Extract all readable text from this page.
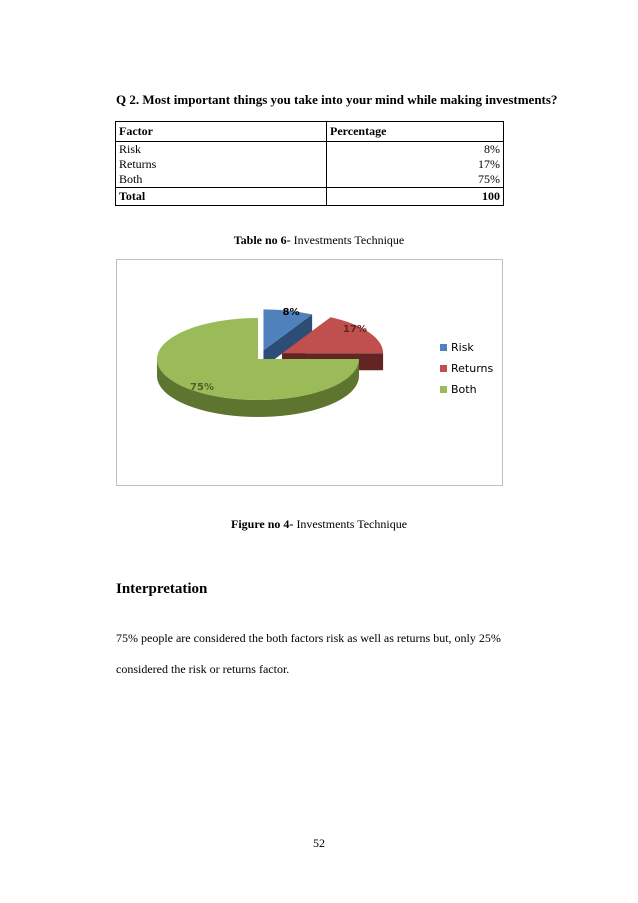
Q 2. Most important things you take into your mind while making investments?
Factor	Percentage
Risk	8%
Returns	17%
Both	75%
Total	100
Table no 6- Investments Technique
8%
17%
75%
Risk
Returns
Both
Figure no 4- Investments Technique
Interpretation
75% people are considered the both factors risk as well as returns but, only 25%
considered the risk or returns factor.
52
